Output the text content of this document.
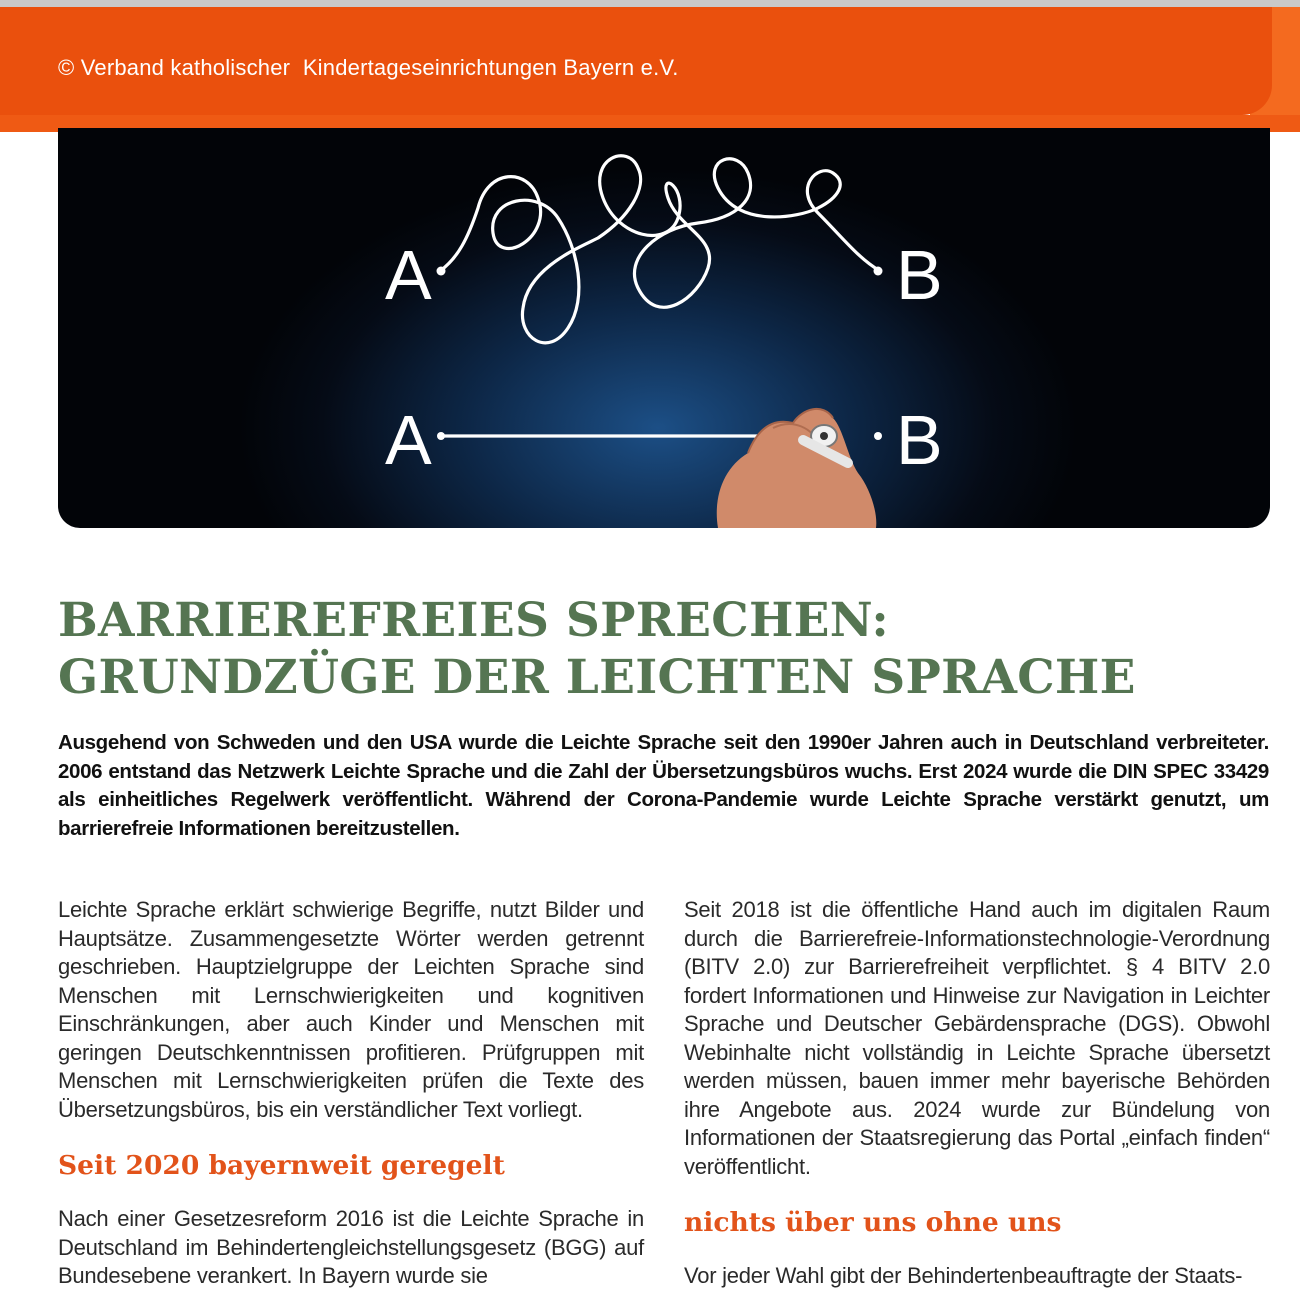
© Verband katholischer  Kindertageseinrichtungen Bayern e.V.
A	B
A	B
BARRIEREFREIES SPRECHEN:
GRUNDZÜGE DER LEICHTEN SPRACHE
Ausgehend von Schweden und den USA wurde die Leichte Sprache seit den 1990er Jahren auch in Deutschland verbreiteter. 2006 entstand das Netzwerk Leichte Sprache und die Zahl der Übersetzungsbüros wuchs. Erst 2024 wurde die DIN SPEC 33429 als einheitliches Regelwerk veröffentlicht. Während der Corona-Pandemie wurde Leichte Sprache verstärkt genutzt, um barrierefreie Informationen bereitzustellen.

Leichte Sprache erklärt schwierige Begriffe, nutzt Bilder und Hauptsätze. Zusammengesetzte Wörter werden getrennt geschrieben. Hauptzielgruppe der Leichten Sprache sind Menschen mit Lernschwierigkeiten und kognitiven Einschränkungen, aber auch Kinder und Menschen mit geringen Deutschkenntnissen profitieren. Prüfgruppen mit Menschen mit Lernschwierigkeiten prüfen die Texte des Übersetzungsbüros, bis ein verständlicher Text vorliegt.

Seit 2020 bayernweit geregelt

Nach einer Gesetzesreform 2016 ist die Leichte Sprache in Deutschland im Behindertengleichstellungsgesetz (BGG) auf Bundesebene verankert. In Bayern wurde sie

Seit 2018 ist die öffentliche Hand auch im digitalen Raum durch die Barrierefreie-Informationstechnologie-Verordnung (BITV 2.0) zur Barrierefreiheit verpflichtet. § 4 BITV 2.0 fordert Informationen und Hinweise zur Navigation in Leichter Sprache und Deutscher Gebärdensprache (DGS). Obwohl Webinhalte nicht vollständig in Leichte Sprache übersetzt werden müssen, bauen immer mehr bayerische Behörden ihre Angebote aus. 2024 wurde zur Bündelung von Informationen der Staatsregierung das Portal „einfach finden“ veröffentlicht.

nichts über uns ohne uns

Vor jeder Wahl gibt der Behindertenbeauftragte der Staats-
